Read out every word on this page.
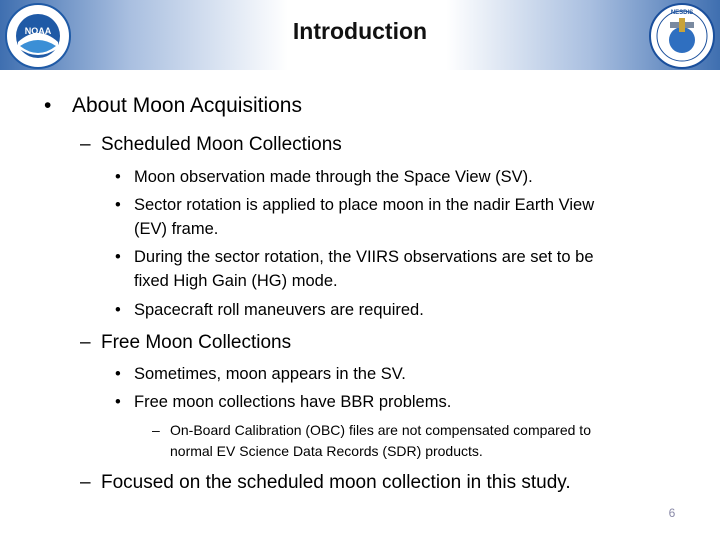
NOAA
NESDIS
Introduction
• About Moon Acquisitions
– Scheduled Moon Collections
• Moon observation made through the Space View (SV).
• Sector rotation is applied to place moon in the nadir Earth View
(EV) frame.
• During the sector rotation, the VIIRS observations are set to be
fixed High Gain (HG) mode.
• Spacecraft roll maneuvers are required.
– Free Moon Collections
• Sometimes, moon appears in the SV.
• Free moon collections have BBR problems.
– On-Board Calibration (OBC) files are not compensated compared to
normal EV Science Data Records (SDR) products.
– Focused on the scheduled moon collection in this study.
6
